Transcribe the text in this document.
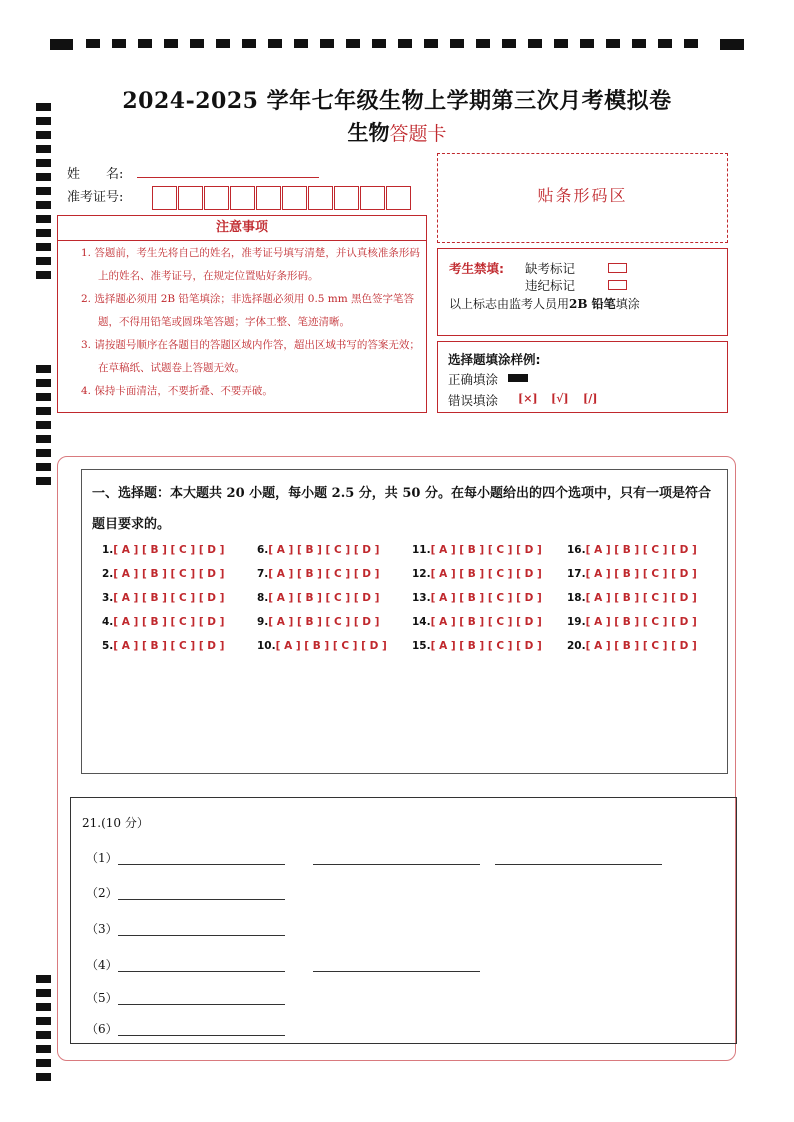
2024-2025 学年七年级生物上学期第三次月考模拟卷
生物答题卡
姓　　名:
准考证号:	贴条形码区
注意事项
1. 答题前，考生先将自己的姓名，准考证号填写清楚，并认真核准条形码上的姓名、准考证号，在规定位置贴好条形码。
2. 选择题必须用 2B 铅笔填涂；非选择题必须用 0.5 mm 黑色签字笔答题，不得用铅笔或圆珠笔答题；字体工整、笔迹清晰。
3. 请按题号顺序在各题目的答题区域内作答，超出区域书写的答案无效；在草稿纸、试题卷上答题无效。
4. 保持卡面清洁，不要折叠、不要弄破。
考生禁填: 缺考标记
违纪标记
以上标志由监考人员用2B 铅笔填涂
选择题填涂样例:
正确填涂
错误填涂 [×] [√] [/]
一、选择题：本大题共 20 小题，每小题 2.5 分，共 50 分。在每小题给出的四个选项中，只有一项是符合题目要求的。
1.[ A ] [ B ] [ C ] [ D ]
2.[ A ] [ B ] [ C ] [ D ]
3.[ A ] [ B ] [ C ] [ D ]
4.[ A ] [ B ] [ C ] [ D ]
5.[ A ] [ B ] [ C ] [ D ]
6.[ A ] [ B ] [ C ] [ D ]
7.[ A ] [ B ] [ C ] [ D ]
8.[ A ] [ B ] [ C ] [ D ]
9.[ A ] [ B ] [ C ] [ D ]
10.[ A ] [ B ] [ C ] [ D ]
11.[ A ] [ B ] [ C ] [ D ]
12.[ A ] [ B ] [ C ] [ D ]
13.[ A ] [ B ] [ C ] [ D ]
14.[ A ] [ B ] [ C ] [ D ]
15.[ A ] [ B ] [ C ] [ D ]
16.[ A ] [ B ] [ C ] [ D ]
17.[ A ] [ B ] [ C ] [ D ]
18.[ A ] [ B ] [ C ] [ D ]
19.[ A ] [ B ] [ C ] [ D ]
20.[ A ] [ B ] [ C ] [ D ]
21.(10 分）
（1）
（2）
（3）
（4）
（5）
（6）
